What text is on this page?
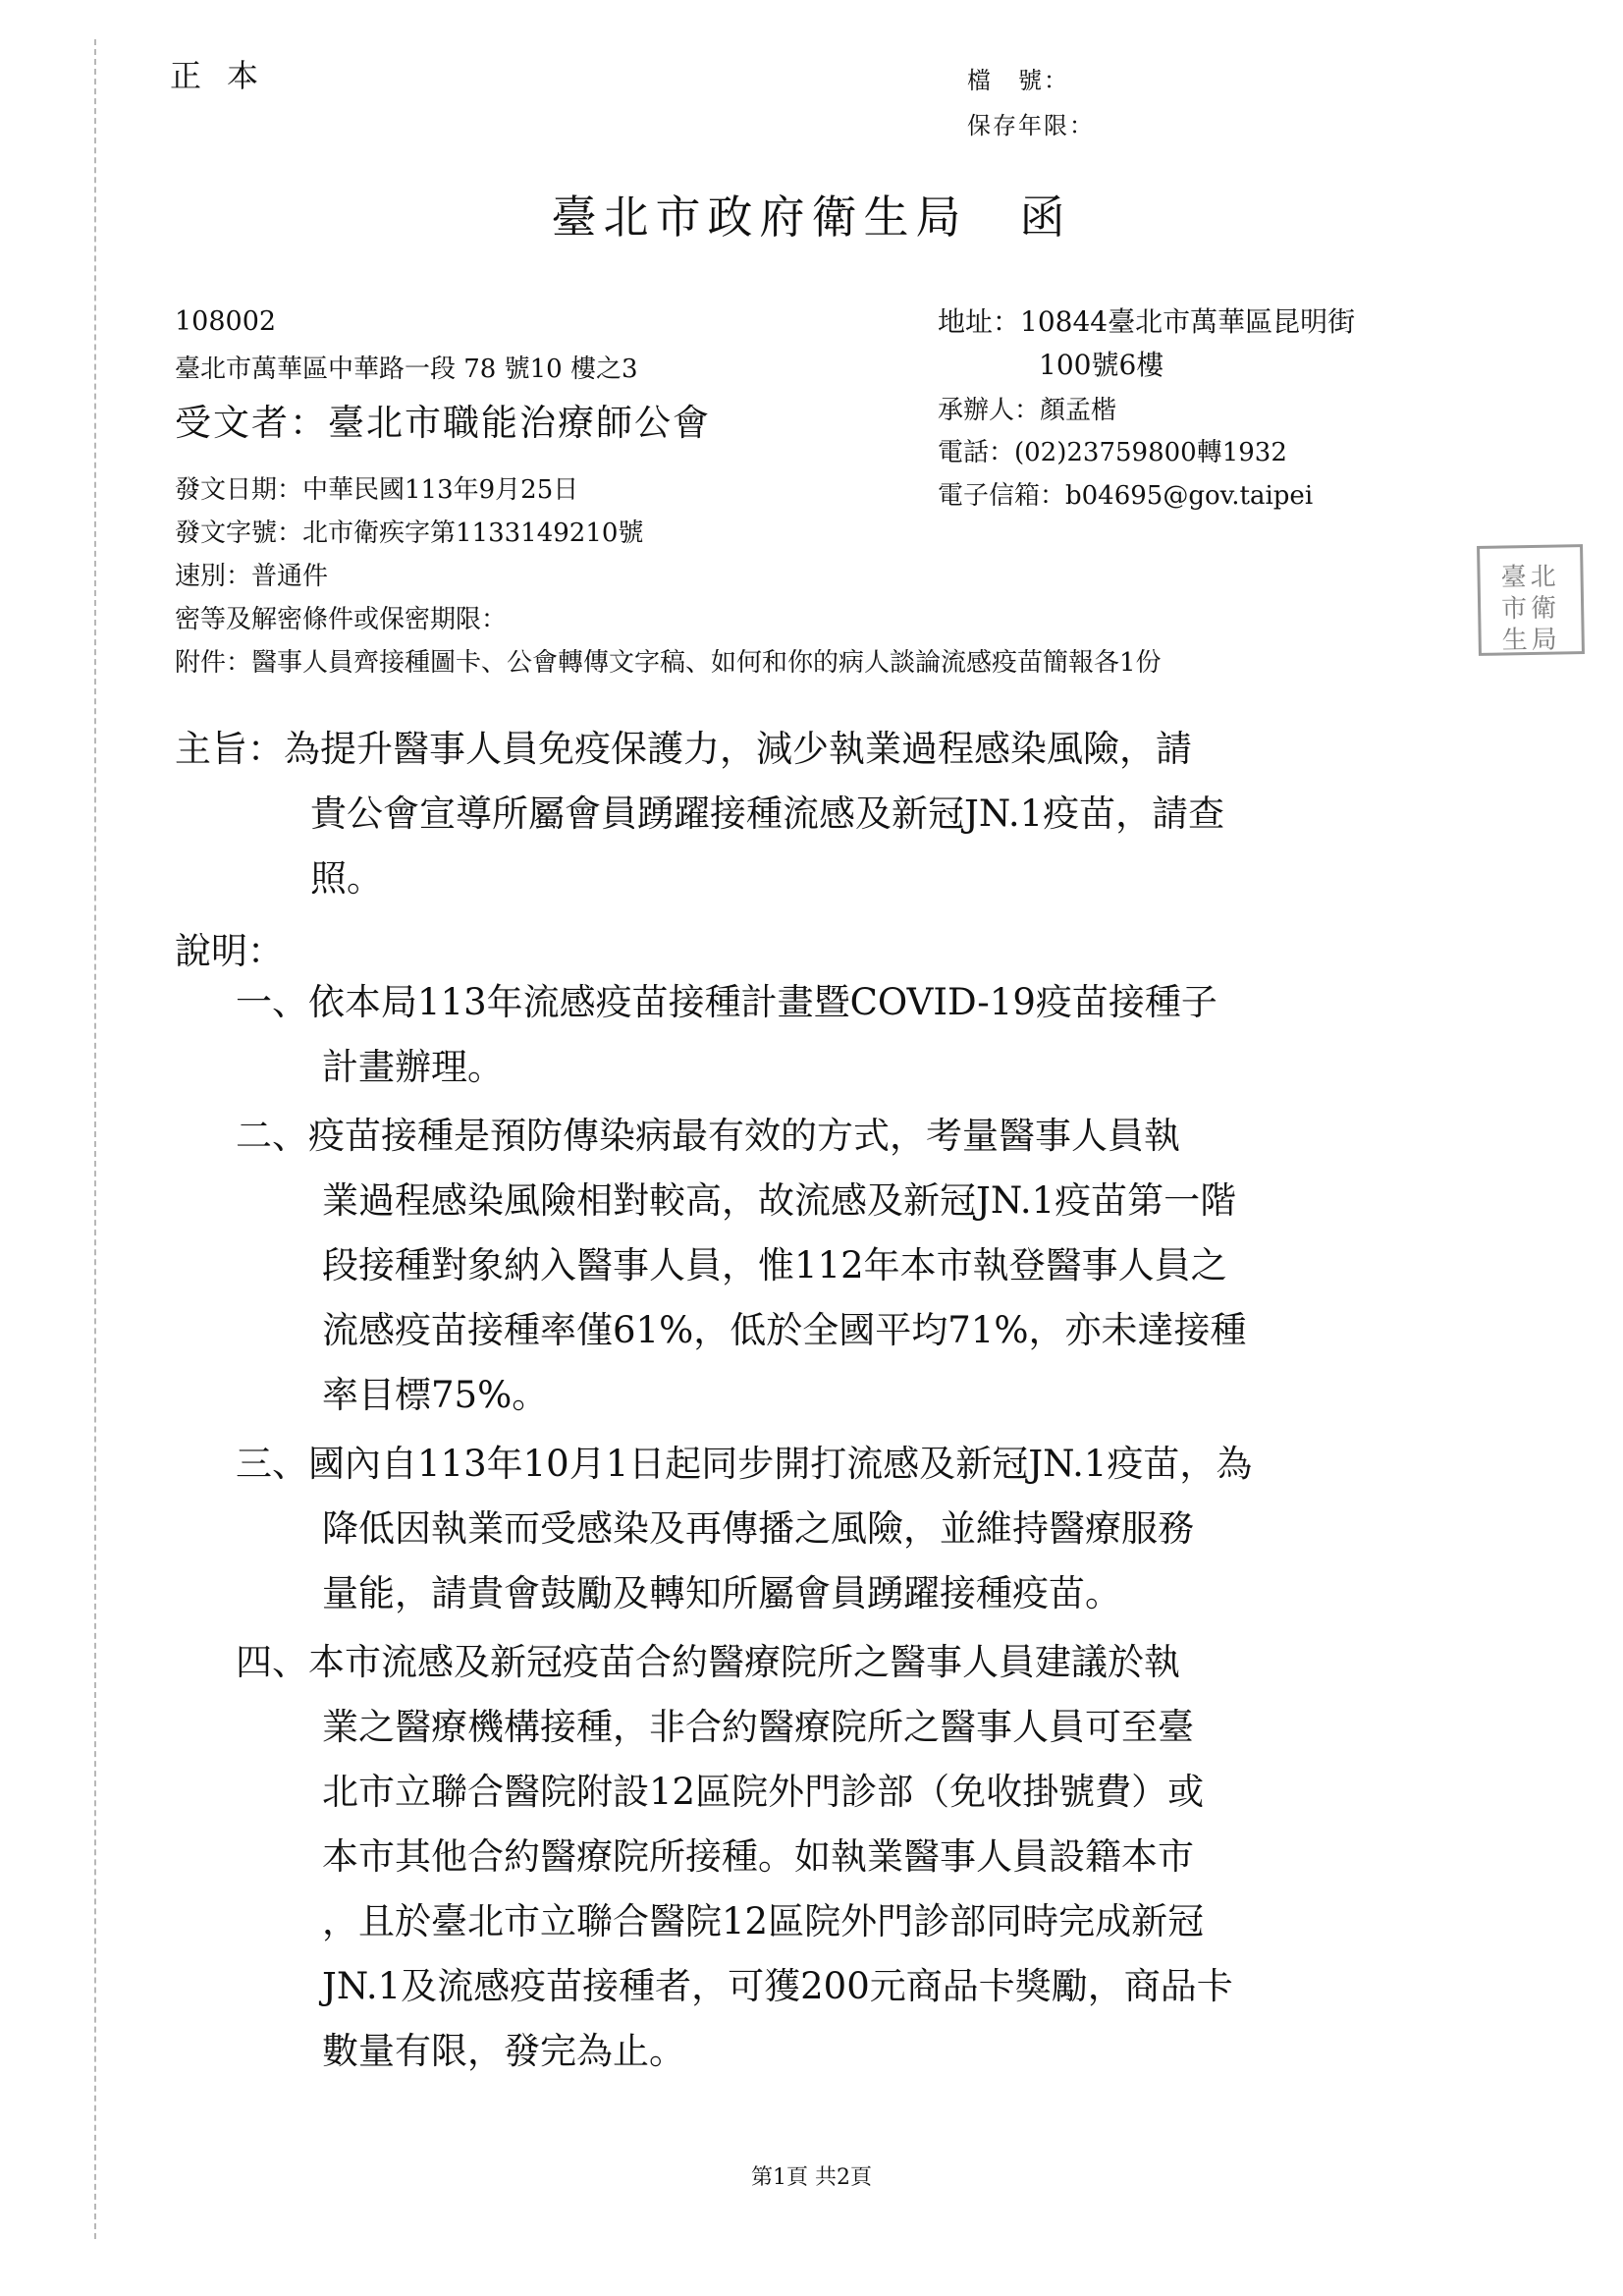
正本	檔　號：
保存年限：
臺北市政府衛生局　函
108002
臺北市萬華區中華路一段 78 號10 樓之3
受文者：臺北市職能治療師公會
發文日期：中華民國113年9月25日
發文字號：北市衛疾字第1133149210號
速別：普通件
密等及解密條件或保密期限：
附件：醫事人員齊接種圖卡、公會轉傳文字稿、如何和你的病人談論流感疫苗簡報各1份
地址：10844臺北市萬華區昆明街
100號6樓
承辦人：顏孟楷
電話：(02)23759800轉1932
電子信箱：b04695@gov.taipei
臺北市衛生局
主旨：為提升醫事人員免疫保護力，減少執業過程感染風險，請
貴公會宣導所屬會員踴躍接種流感及新冠JN.1疫苗，請查
照。
說明：
一、依本局113年流感疫苗接種計畫暨COVID-19疫苗接種子
計畫辦理。
二、疫苗接種是預防傳染病最有效的方式，考量醫事人員執
業過程感染風險相對較高，故流感及新冠JN.1疫苗第一階
段接種對象納入醫事人員，惟112年本市執登醫事人員之
流感疫苗接種率僅61%，低於全國平均71%，亦未達接種
率目標75%。
三、國內自113年10月1日起同步開打流感及新冠JN.1疫苗，為
降低因執業而受感染及再傳播之風險，並維持醫療服務
量能，請貴會鼓勵及轉知所屬會員踴躍接種疫苗。
四、本市流感及新冠疫苗合約醫療院所之醫事人員建議於執
業之醫療機構接種，非合約醫療院所之醫事人員可至臺
北市立聯合醫院附設12區院外門診部（免收掛號費）或
本市其他合約醫療院所接種。如執業醫事人員設籍本市
，且於臺北市立聯合醫院12區院外門診部同時完成新冠
JN.1及流感疫苗接種者，可獲200元商品卡獎勵，商品卡
數量有限，發完為止。
第1頁 共2頁
